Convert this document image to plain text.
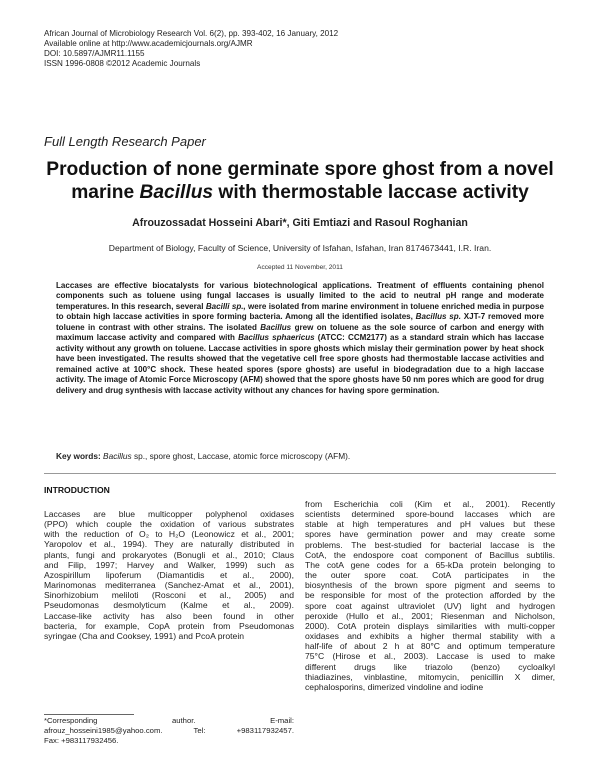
African Journal of Microbiology Research Vol. 6(2), pp. 393-402, 16 January, 2012
Available online at http://www.academicjournals.org/AJMR
DOI: 10.5897/AJMR11.1155
ISSN 1996-0808 ©2012 Academic Journals
Full Length Research Paper
Production of none germinate spore ghost from a novel
marine Bacillus with thermostable laccase activity
Afrouzossadat Hosseini Abari*, Giti Emtiazi and Rasoul Roghanian
Department of Biology, Faculty of Science, University of Isfahan, Isfahan, Iran 8174673441, I.R. Iran.
Accepted 11 November, 2011
Laccases are effective biocatalysts for various biotechnological applications. Treatment of effluents containing phenol components such as toluene using fungal laccases is usually limited to the acid to neutral pH range and moderate temperatures. In this research, several Bacilli sp., were isolated from marine environment in toluene enriched media in purpose to obtain high laccase activities in spore forming bacteria. Among all the identified isolates, Bacillus sp. XJT-7 removed more toluene in contrast with other strains. The isolated Bacillus grew on toluene as the sole source of carbon and energy with maximum laccase activity and compared with Bacillus sphaericus (ATCC: CCM2177) as a standard strain which has laccase activity without any growth on toluene. Laccase activities in spore ghosts which mislay their germination power by heat shock have been investigated. The results showed that the vegetative cell free spore ghosts had thermostable laccase activities and remained active at 100°C shock. These heated spores (spore ghosts) are useful in biodegradation due to a high laccase activity. The image of Atomic Force Microscopy (AFM) showed that the spore ghosts have 50 nm pores which are good for drug delivery and drug synthesis with laccase activity without any chances for having spore germination.
Key words: Bacillus sp., spore ghost, Laccase, atomic force microscopy (AFM).
INTRODUCTION
Laccases are blue multicopper polyphenol oxidases
(PPO) which couple the oxidation of various substrates
with the reduction of O₂ to H₂O (Leonowicz et al., 2001;
Yaropolov et al., 1994). They are naturally distributed in
plants, fungi and prokaryotes (Bonugli et al., 2010; Claus
and Filip, 1997; Harvey and Walker, 1999) such as
Azospirillum lipoferum (Diamantidis et al., 2000),
Marinomonas mediterranea (Sanchez-Amat et al., 2001),
Sinorhizobium meliloti (Rosconi et al., 2005) and
Pseudomonas desmolyticum (Kalme et al., 2009).
Laccase-like activity has also been found in other
bacteria, for example, CopA protein from Pseudomonas
syringae (Cha and Cooksey, 1991) and PcoA protein
from Escherichia coli (Kim et al., 2001). Recently
scientists determined spore-bound laccases which are
stable at high temperatures and pH values but these
spores have germination power and may create some
problems. The best-studied for bacterial laccase is the
CotA, the endospore coat component of Bacillus subtilis.
The cotA gene codes for a 65-kDa protein belonging to
the outer spore coat. CotA participates in the
biosynthesis of the brown spore pigment and seems to
be responsible for most of the protection afforded by the
spore coat against ultraviolet (UV) light and hydrogen
peroxide (Hullo et al., 2001; Riesenman and Nicholson,
2000). CotA protein displays similarities with multi-copper
oxidases and exhibits a higher thermal stability with a
half-life of about 2 h at 80°C and optimum temperature
75°C (Hirose et al., 2003). Laccase is used to make
different drugs like triazolo (benzo) cycloalkyl
thiadiazines, vinblastine, mitomycin, penicillin X dimer,
cephalosporins, dimerized vindoline and iodine
*Corresponding author. E-mail:
afrouz_hosseini1985@yahoo.com. Tel: +983117932457.
Fax: +983117932456.
